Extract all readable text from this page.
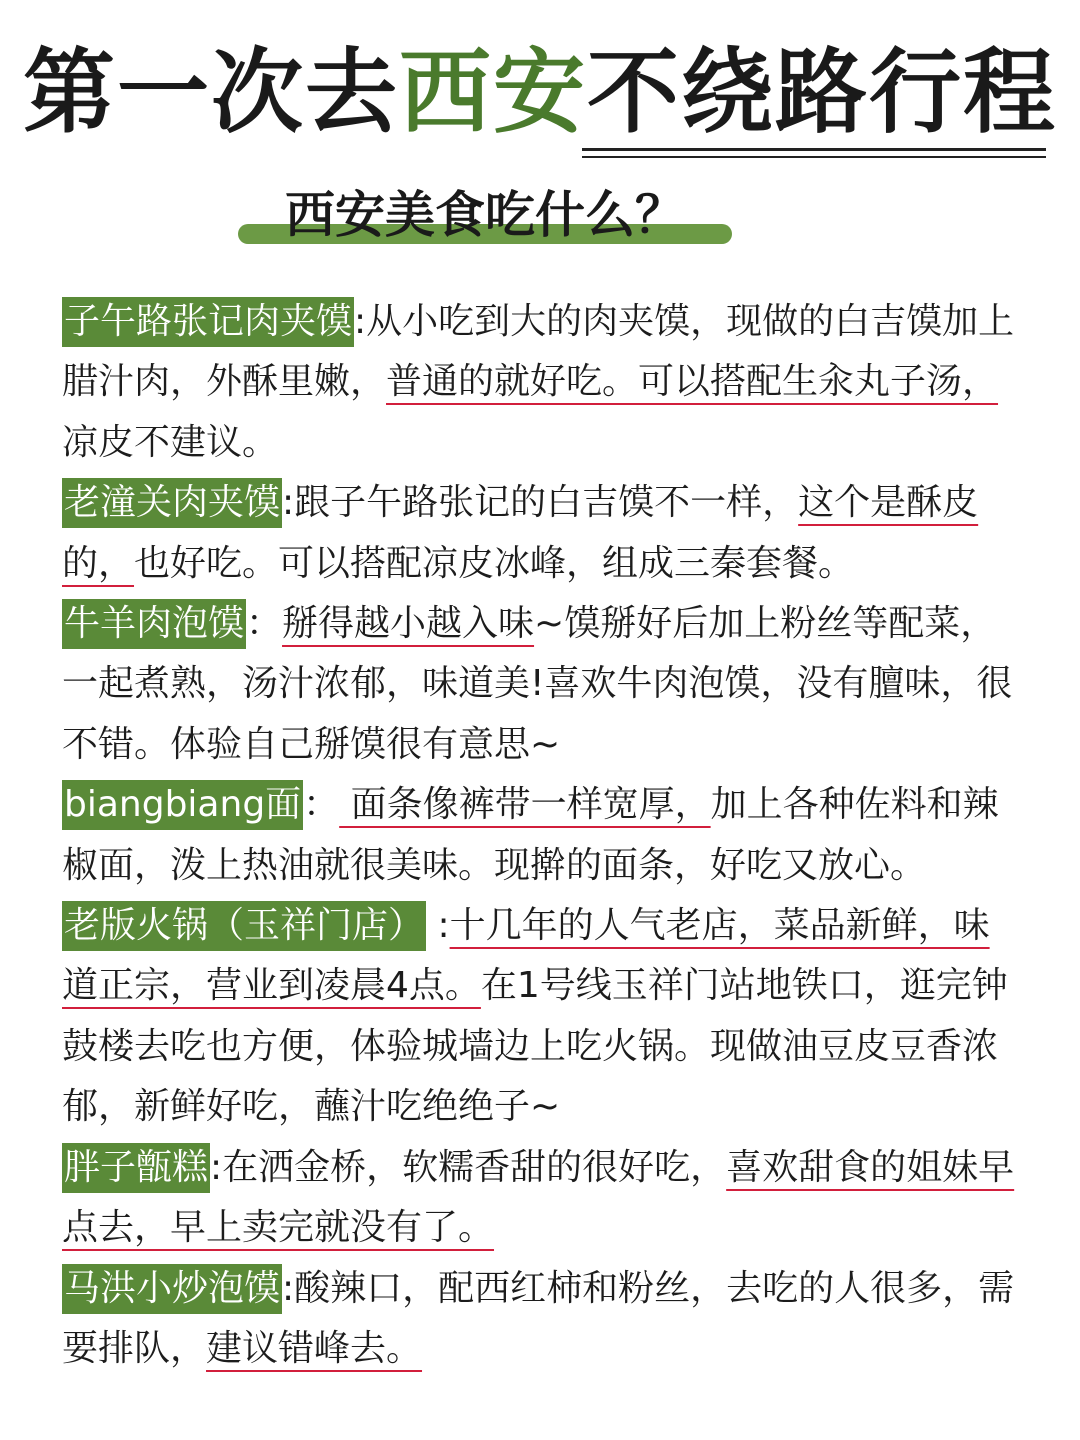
第一次去西安不绕路行程
西安美食吃什么？

子午路张记肉夹馍:从小吃到大的肉夹馍，现做的白吉馍加上腊汁肉，外酥里嫩，普通的就好吃。可以搭配生汆丸子汤，凉皮不建议。

老潼关肉夹馍:跟子午路张记的白吉馍不一样，这个是酥皮的，也好吃。可以搭配凉皮冰峰，组成三秦套餐。

牛羊肉泡馍：掰得越小越入味~馍掰好后加上粉丝等配菜，一起煮熟，汤汁浓郁，味道美!喜欢牛肉泡馍，没有膻味，很不错。体验自己掰馍很有意思~

biangbiang面： 面条像裤带一样宽厚，加上各种佐料和辣椒面，泼上热油就很美味。现擀的面条，好吃又放心。

老版火锅（玉祥门店） :十几年的人气老店，菜品新鲜，味道正宗，营业到凌晨4点。在1号线玉祥门站地铁口，逛完钟鼓楼去吃也方便，体验城墙边上吃火锅。现做油豆皮豆香浓郁，新鲜好吃，蘸汁吃绝绝子~

胖子甑糕:在洒金桥，软糯香甜的很好吃，喜欢甜食的姐妹早点去，早上卖完就没有了。

马洪小炒泡馍:酸辣口，配西红柿和粉丝，去吃的人很多，需要排队，建议错峰去。
